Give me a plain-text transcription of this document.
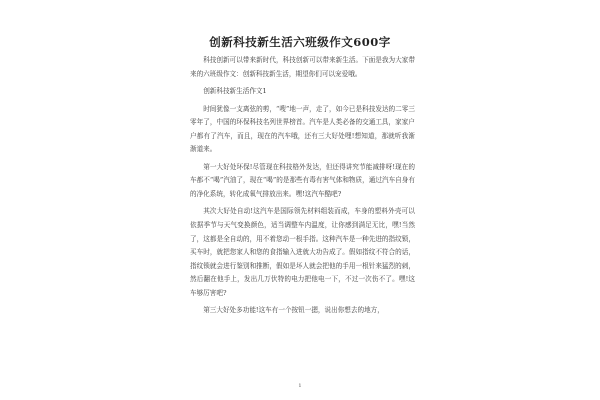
创新科技新生活六班级作文600字

科技创新可以带来新时代，科技创新可以带来新生活。下面是我为大家带来的六班级作文：创新科技新生活，期望你们可以宠爱哦。

创新科技新生活作文1

时间犹像一支离弦的剪，“嗖”地一声，走了，如今已是科技发达的二零三零年了，中国的环保科技名列世界榜首。汽车是人类必备的交通工具，家家户户都有了汽车，而且，现在的汽车哦，还有三大好处哩!想知道，那就听我渐渐道来。

第一大好处环保!尽管现在科技格外发达，但还得讲究节能减排呀!现在的车都不“喝”汽油了，现在“喝”的是那些有毒有害气体和物质，通过汽车自身有的净化系统，转化成氧气排放出来。嘿!这汽车酷吧?

其次大好处自动!这汽车是国际领先材料组装而成，车身的塑料外壳可以依据季节与天气变换颜色，适当调整车内温度，让你感到满足无比，嘿!当然了，这都是全自动的，用不着您动一根手指。这种汽车是一种先进的指纹锁，买车时，就把您家人和您的食指输入进就大功告成了。假如指纹不符合的话，指纹锁就会进行鉴别和推断，假如是坏人就会把他的手用一根针来猛烈的刺，然后翻在他手上，发出几万伏特的电力把他电一下，不过一次伤不了。嘿!这车够厉害吧?

第三大好处多功能!这车有一个按钮一摁，说出你想去的地方，

1
